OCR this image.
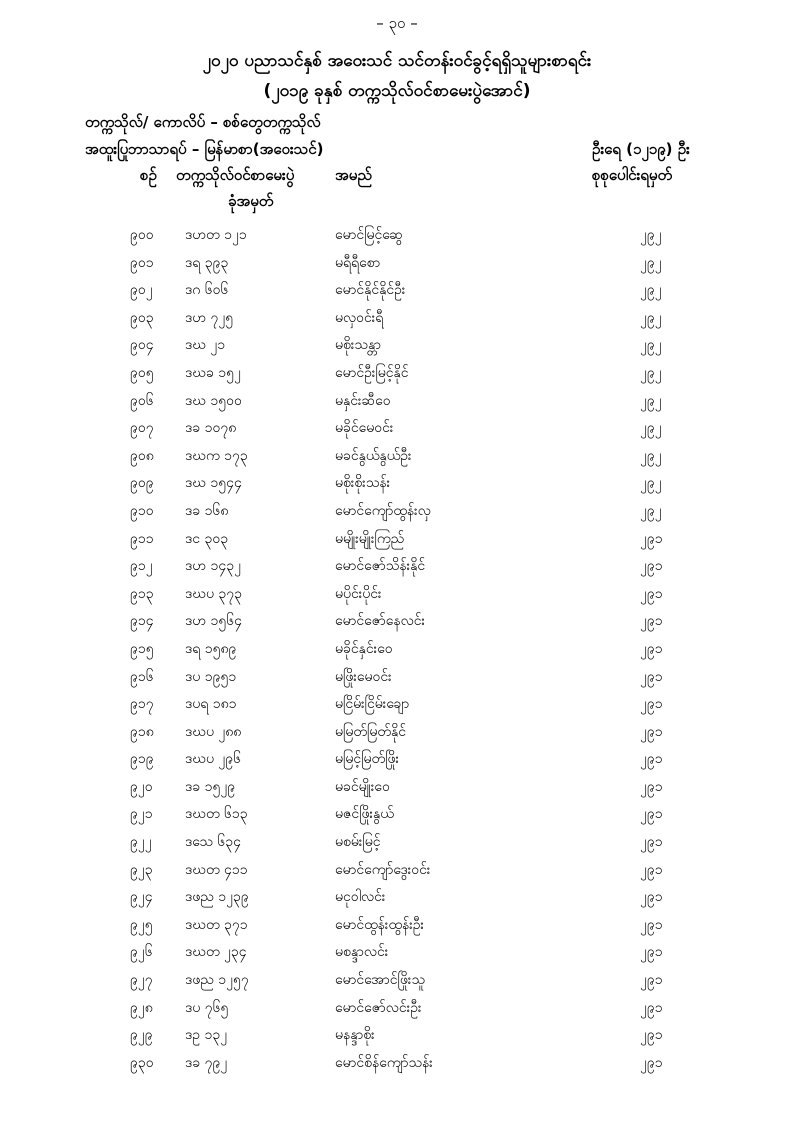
– ၃၀ –
၂၀၂၀ ပညာသင်နှစ် အဝေးသင် သင်တန်းဝင်ခွင့်ရရှိသူများစာရင်း
(၂၀၁၉ ခုနှစ် တက္ကသိုလ်ဝင်စာမေးပွဲအောင်)
တက္ကသိုလ်/ ကောလိပ် – စစ်တွေတက္ကသိုလ်
အထူးပြုဘာသာရပ် – မြန်မာစာ(အဝေးသင်)	ဦးရေ (၁၂၁၉) ဦး
စဉ် တက္ကသိုလ်ဝင်စာမေးပွဲ
ခုံအမှတ်
အမည်	စုစုပေါင်းရမှတ်
၉၀၀ ဒဟတ ၁၂၁	မောင်မြင့်ဆွေ	၂၉၂
၉၀၁ ဒရ ၃၉၃	မရီရီစော	၂၉၂
၉၀၂ ဒဂ ၆၀၆	မောင်နိုင်နိုင်ဦး	၂၉၂
၉၀၃ ဒဟ ၇၂၅	မလှဝင်းရီ	၂၉၂
၉၀၄ ဒဃ ၂၁	မစိုးသန္တာ	၂၉၂
၉၀၅ ဒဃခ ၁၅၂	မောင်ဦးမြင့်နိုင်	၂၉၂
၉၀၆ ဒဃ ၁၅၀၀	မနှင်းဆီဝေ	၂၉၂
၉၀၇ ဒခ ၁၀၇၈	မခိုင်မေဝင်း	၂၉၂
၉၀၈ ဒဃက ၁၇၃	မခင်နွယ်နွယ်ဦး	၂၉၂
၉၀၉ ဒဃ ၁၅၄၄	မစိုးစိုးသန်း	၂၉၂
၉၁၀ ဒခ ၁၆၈	မောင်ကျော်ထွန်းလှ	၂၉၂
၉၁၁ ဒင ၃၀၃	မမျိုးမျိုးကြည်	၂၉၁
၉၁၂ ဒဟ ၁၄၃၂	မောင်ဇော်သိန်းနိုင်	၂၉၁
၉၁၃ ဒဃပ ၃၇၃	မပိုင်းပိုင်း	၂၉၁
၉၁၄ ဒဟ ၁၅၆၄	မောင်ဇော်နေလင်း	၂၉၁
၉၁၅ ဒရ ၁၅၈၉	မခိုင်နှင်းဝေ	၂၉၁
၉၁၆ ဒပ ၁၉၅၁	မဖြိုးမေဝင်း	၂၉၁
၉၁၇ ဒပရ ၁၈၁	မငြိမ်းငြိမ်းချော	၂၉၁
၉၁၈ ဒဃပ ၂၈၈	မမြတ်မြတ်နိုင်	၂၉၁
၉၁၉ ဒဃပ ၂၉၆	မမြင့်မြတ်ဖြိုး	၂၉၁
၉၂၀ ဒခ ၁၅၂၉	မခင်မျိုးဝေ	၂၉၁
၉၂၁ ဒဃတ ၆၁၃	မဇင်ဖြိုးနွယ်	၂၉၁
၉၂၂ ဒသေ ၆၃၄	မစမ်းမြင့်	၂၉၁
၉၂၃ ဒဃတ ၄၁၁	မောင်ကျော်ဒွေးဝင်း	၂၉၁
၉၂၄ ဒဖည ၁၂၃၉	မငုဝါလင်း	၂၉၁
၉၂၅ ဒဃတ ၃၇၁	မောင်ထွန်းထွန်းဦး	၂၉၁
၉၂၆ ဒဃတ ၂၃၄	မစန္ဒာလင်း	၂၉၁
၉၂၇ ဒဖည ၁၂၅၇	မောင်အောင်ဖြိုးသူ	၂၉၁
၉၂၈ ဒပ ၇၆၅	မောင်ဇော်လင်းဦး	၂၉၁
၉၂၉ ဒဥ ၁၃၂	မနန္ဒာစိုး	၂၉၁
၉၃၀ ဒခ ၇၉၂	မောင်စိန်ကျော်သန်း	၂၉၁
